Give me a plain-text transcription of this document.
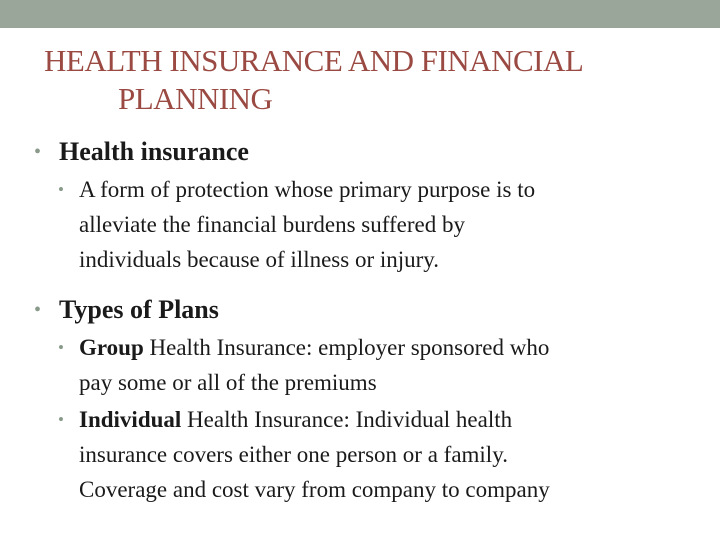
HEALTH INSURANCE AND FINANCIAL
PLANNING
• Health insurance
• A form of protection whose primary purpose is to
alleviate the financial burdens suffered by
individuals because of illness or injury.
• Types of Plans
• Group Health Insurance: employer sponsored who
pay some or all of the premiums
• Individual Health Insurance: Individual health
insurance covers either one person or a family.
Coverage and cost vary from company to company
